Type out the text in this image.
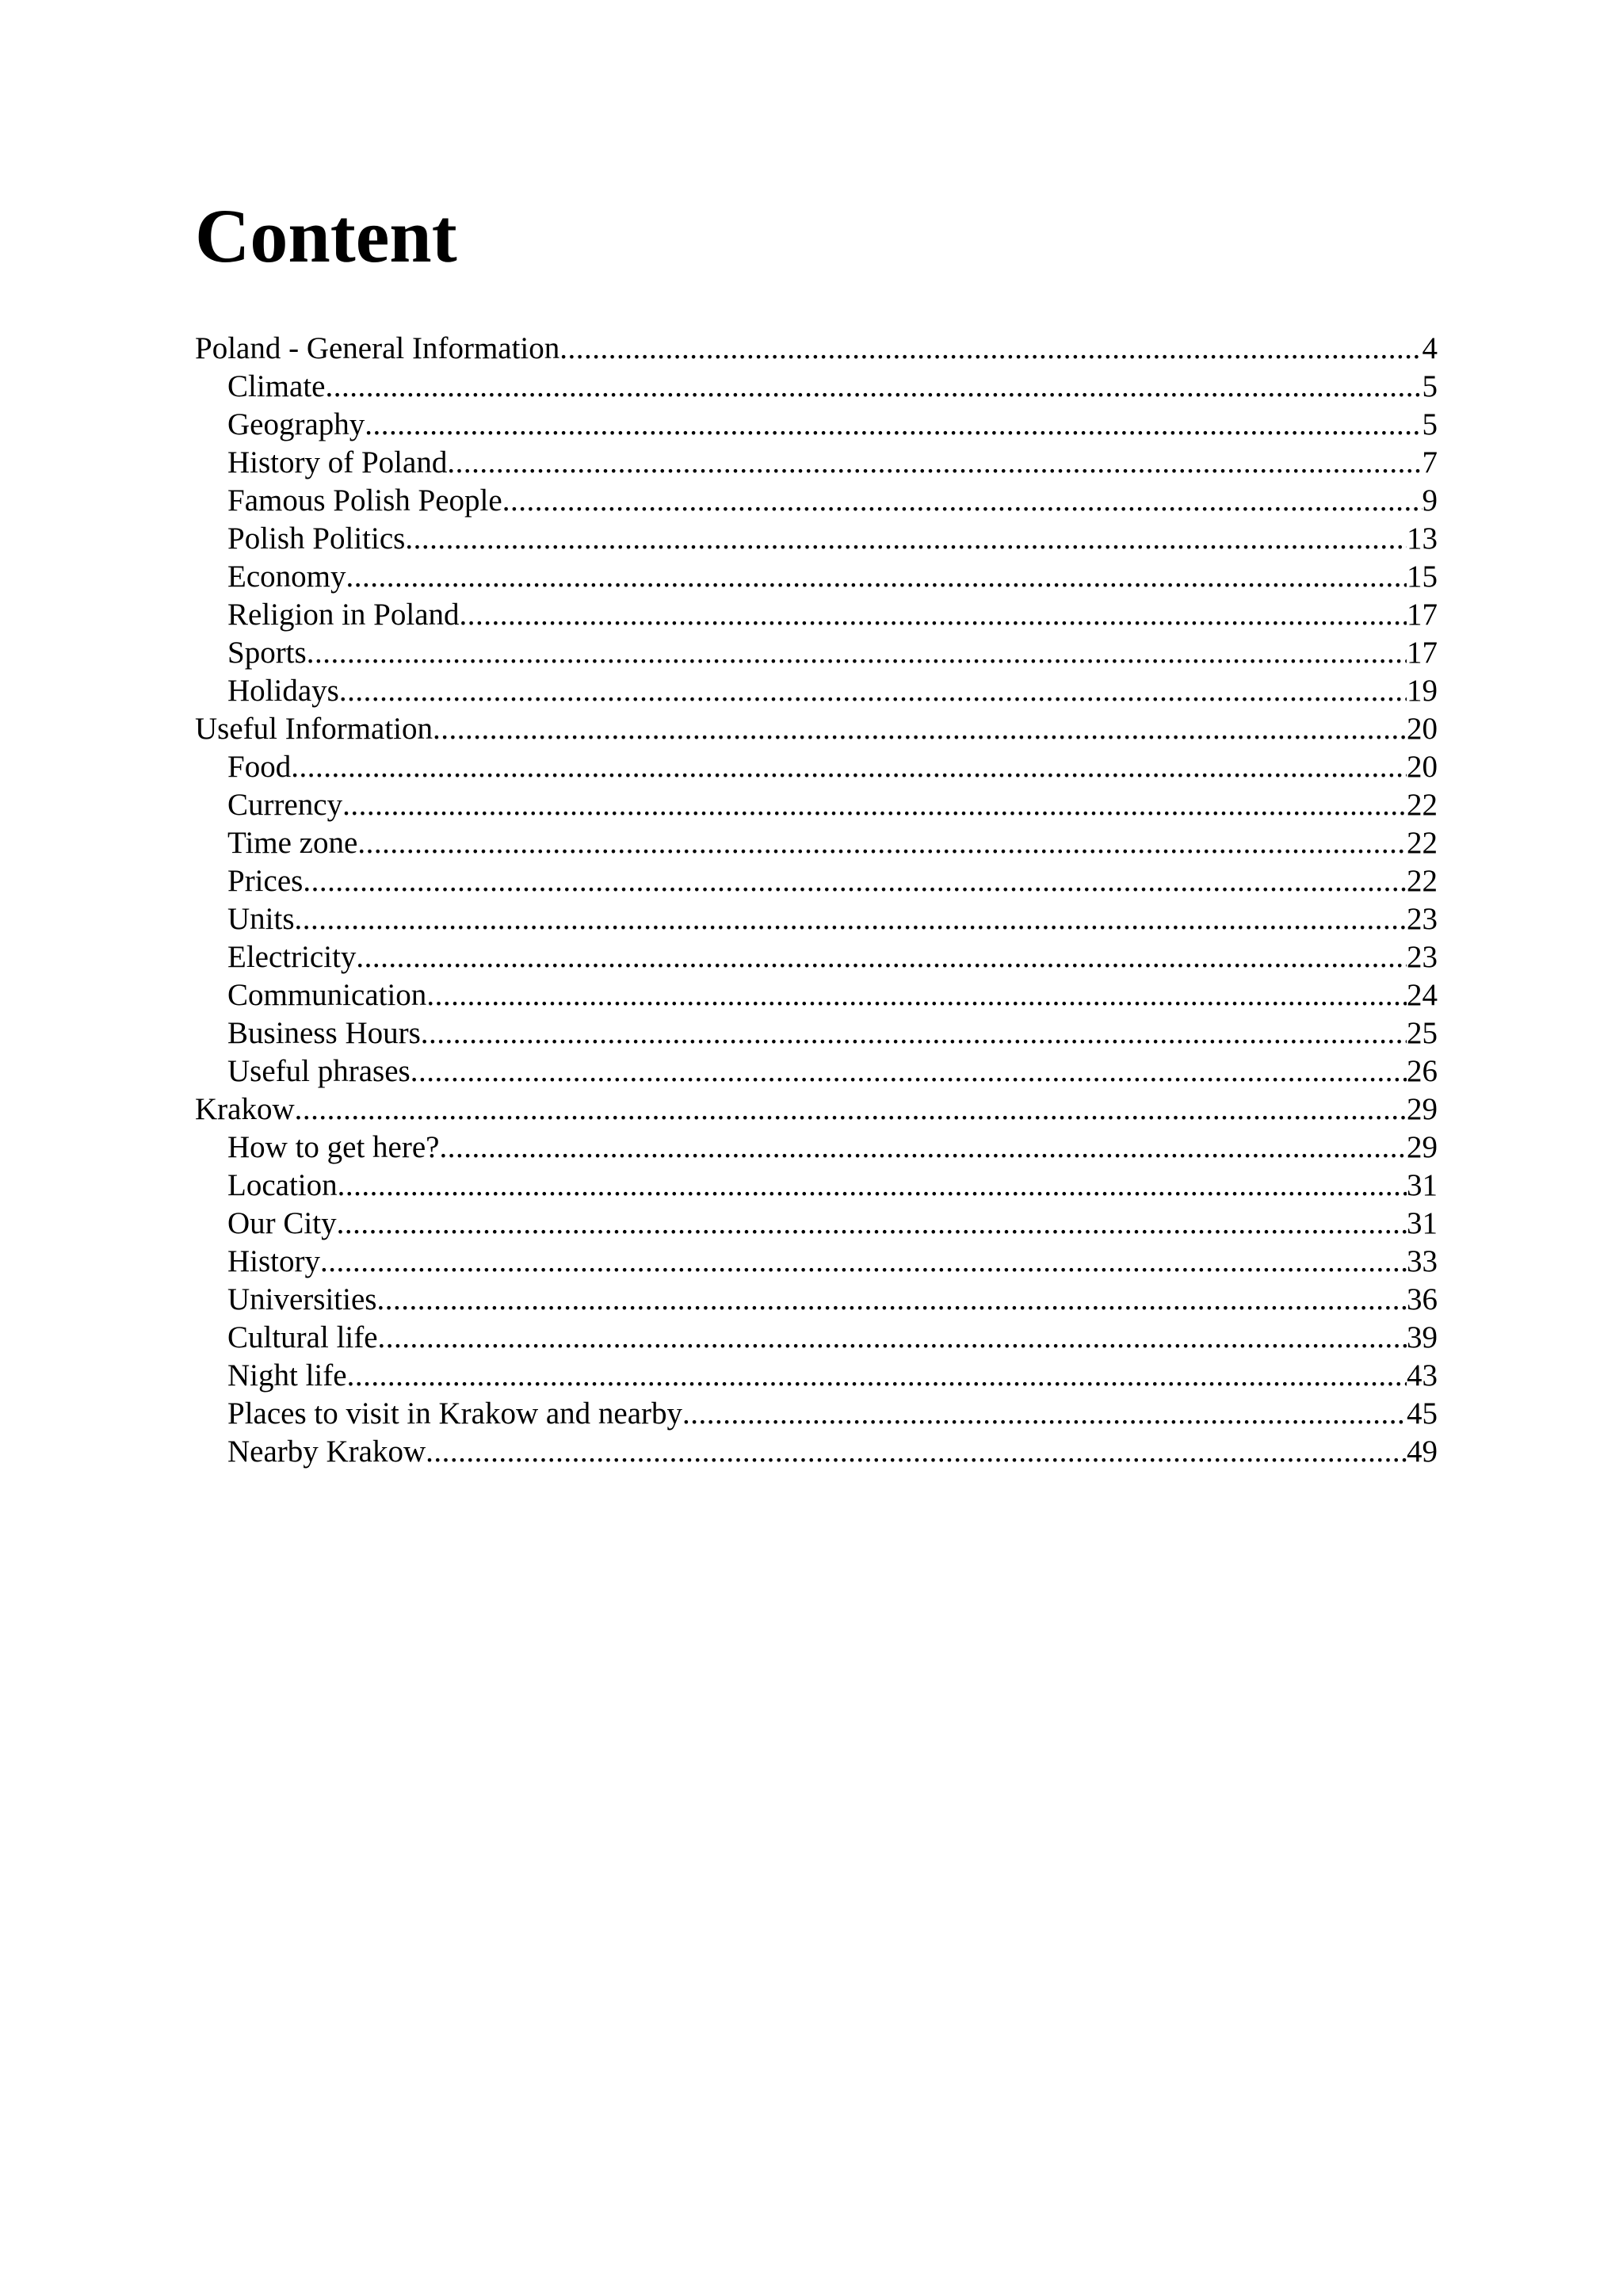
Content
Poland - General Information .....	4
Climate .....	5
Geography .....	5
History of Poland .....	7
Famous Polish People .....	9
Polish Politics .....	13
Economy .....	15
Religion in Poland .....	17
Sports .....	17
Holidays .....	19
Useful Information .....	20
Food .....	20
Currency .....	22
Time zone .....	22
Prices .....	22
Units .....	23
Electricity .....	23
Communication .....	24
Business Hours .....	25
Useful phrases .....	26
Krakow .....	29
How to get here? .....	29
Location .....	31
Our City .....	31
History .....	33
Universities .....	36
Cultural life .....	39
Night life .....	43
Places to visit in Krakow and nearby .....	45
Nearby Krakow .....	49
